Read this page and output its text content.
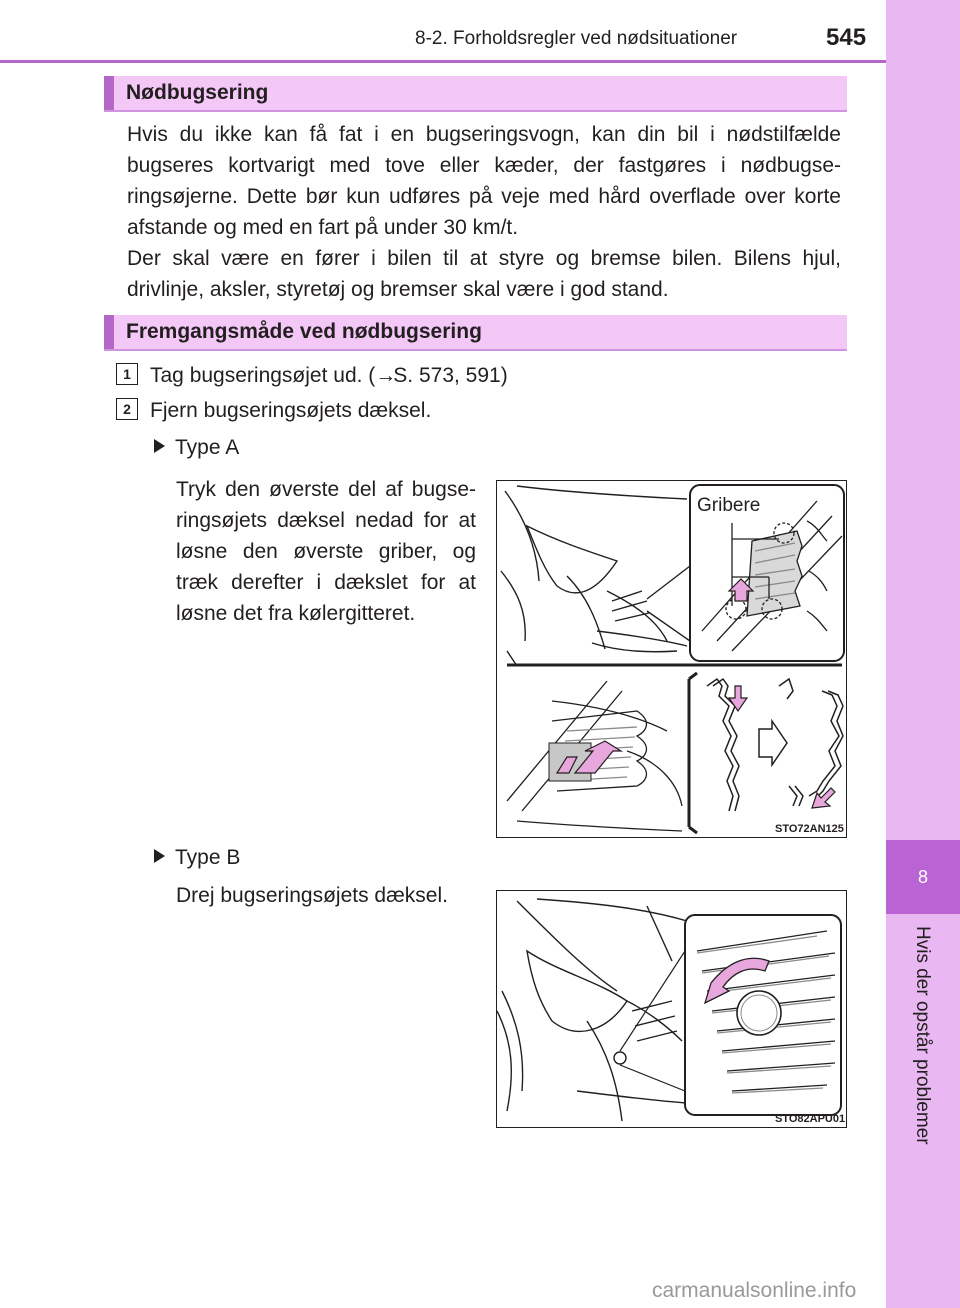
8-2. Forholdsregler ved nødsituationer	545
8
Hvis der opstår problemer
Nødbugsering

Hvis du ikke kan få fat i en bugseringsvogn, kan din bil i nødstilfælde bugseres kortvarigt med tove eller kæder, der fastgøres i nødbugse-ringsøjerne. Dette bør kun udføres på veje med hård overflade over korte afstande og med en fart på under 30 km/t.

Der skal være en fører i bilen til at styre og bremse bilen. Bilens hjul, drivlinje, aksler, styretøj og bremser skal være i god stand.

Fremgangsmåde ved nødbugsering
1 Tag bugseringsøjet ud. (→S. 573, 591)
2 Fjern bugseringsøjets dæksel.
Type A

Tryk den øverste del af bugse-ringsøjets dæksel nedad for at løsne den øverste griber, og træk derefter i dækslet for at løsne det fra kølergitteret.

Gribere
STO72AN125
Type B

Drej bugseringsøjets dæksel.

STO82APU01
carmanualsonline.info
